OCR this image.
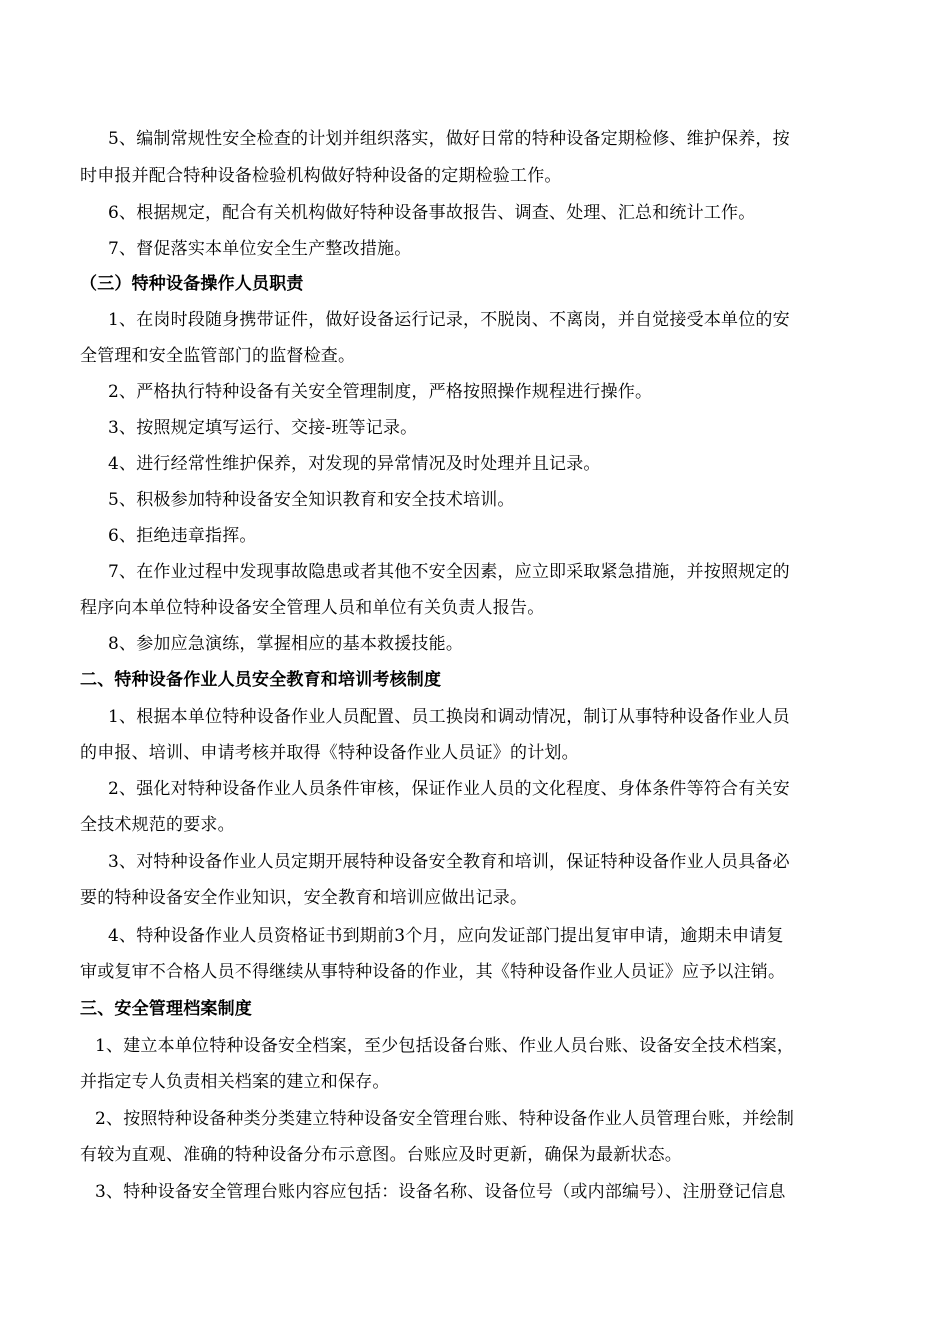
5、编制常规性安全检查的计划并组织落实，做好日常的特种设备定期检修、维护保养，按
时申报并配合特种设备检验机构做好特种设备的定期检验工作。
6、根据规定，配合有关机构做好特种设备事故报告、调查、处理、汇总和统计工作。
7、督促落实本单位安全生产整改措施。
（三）特种设备操作人员职责
1、在岗时段随身携带证件，做好设备运行记录，不脱岗、不离岗，并自觉接受本单位的安
全管理和安全监管部门的监督检查。
2、严格执行特种设备有关安全管理制度，严格按照操作规程进行操作。
3、按照规定填写运行、交接-班等记录。
4、进行经常性维护保养，对发现的异常情况及时处理并且记录。
5、积极参加特种设备安全知识教育和安全技术培训。
6、拒绝违章指挥。
7、在作业过程中发现事故隐患或者其他不安全因素，应立即采取紧急措施，并按照规定的
程序向本单位特种设备安全管理人员和单位有关负责人报告。
8、参加应急演练，掌握相应的基本救援技能。
二、特种设备作业人员安全教育和培训考核制度
1、根据本单位特种设备作业人员配置、员工换岗和调动情况，制订从事特种设备作业人员
的申报、培训、申请考核并取得《特种设备作业人员证》的计划。
2、强化对特种设备作业人员条件审核，保证作业人员的文化程度、身体条件等符合有关安
全技术规范的要求。
3、对特种设备作业人员定期开展特种设备安全教育和培训，保证特种设备作业人员具备必
要的特种设备安全作业知识，安全教育和培训应做出记录。
4、特种设备作业人员资格证书到期前3个月，应向发证部门提出复审申请，逾期未申请复
审或复审不合格人员不得继续从事特种设备的作业，其《特种设备作业人员证》应予以注销。
三、安全管理档案制度
1、建立本单位特种设备安全档案，至少包括设备台账、作业人员台账、设备安全技术档案，
并指定专人负责相关档案的建立和保存。
2、按照特种设备种类分类建立特种设备安全管理台账、特种设备作业人员管理台账，并绘制
有较为直观、准确的特种设备分布示意图。台账应及时更新，确保为最新状态。
3、特种设备安全管理台账内容应包括：设备名称、设备位号（或内部编号）、注册登记信息
